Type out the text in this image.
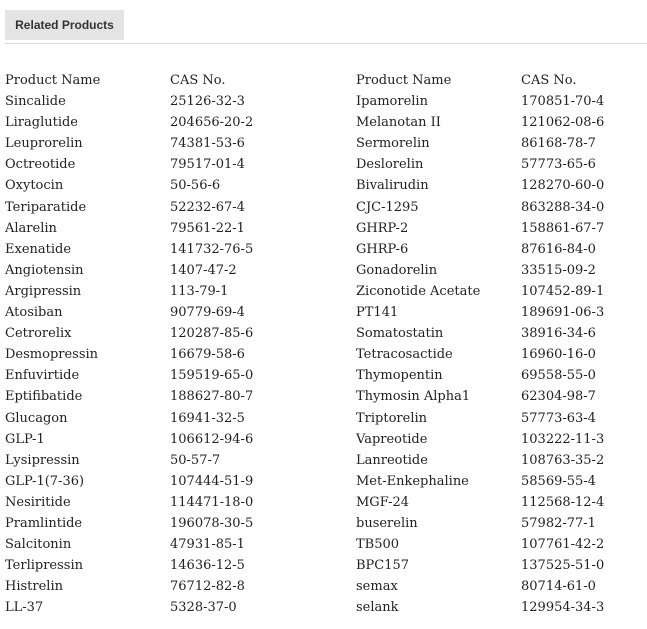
Related Products
Product Name	CAS No.	Product Name	CAS No.
Sincalide	25126-32-3	Ipamorelin	170851-70-4
Liraglutide	204656-20-2	Melanotan II	121062-08-6
Leuprorelin	74381-53-6	Sermorelin	86168-78-7
Octreotide	79517-01-4	Deslorelin	57773-65-6
Oxytocin	50-56-6	Bivalirudin	128270-60-0
Teriparatide	52232-67-4	CJC-1295	863288-34-0
Alarelin	79561-22-1	GHRP-2	158861-67-7
Exenatide	141732-76-5	GHRP-6	87616-84-0
Angiotensin	1407-47-2	Gonadorelin	33515-09-2
Argipressin	113-79-1	Ziconotide Acetate	107452-89-1
Atosiban	90779-69-4	PT141	189691-06-3
Cetrorelix	120287-85-6	Somatostatin	38916-34-6
Desmopressin	16679-58-6	Tetracosactide	16960-16-0
Enfuvirtide	159519-65-0	Thymopentin	69558-55-0
Eptifibatide	188627-80-7	Thymosin Alpha1	62304-98-7
Glucagon	16941-32-5	Triptorelin	57773-63-4
GLP-1	106612-94-6	Vapreotide	103222-11-3
Lysipressin	50-57-7	Lanreotide	108763-35-2
GLP-1(7-36)	107444-51-9	Met-Enkephaline	58569-55-4
Nesiritide	114471-18-0	MGF-24	112568-12-4
Pramlintide	196078-30-5	buserelin	57982-77-1
Salcitonin	47931-85-1	TB500	107761-42-2
Terlipressin	14636-12-5	BPC157	137525-51-0
Histrelin	76712-82-8	semax	80714-61-0
LL-37	5328-37-0	selank	129954-34-3
